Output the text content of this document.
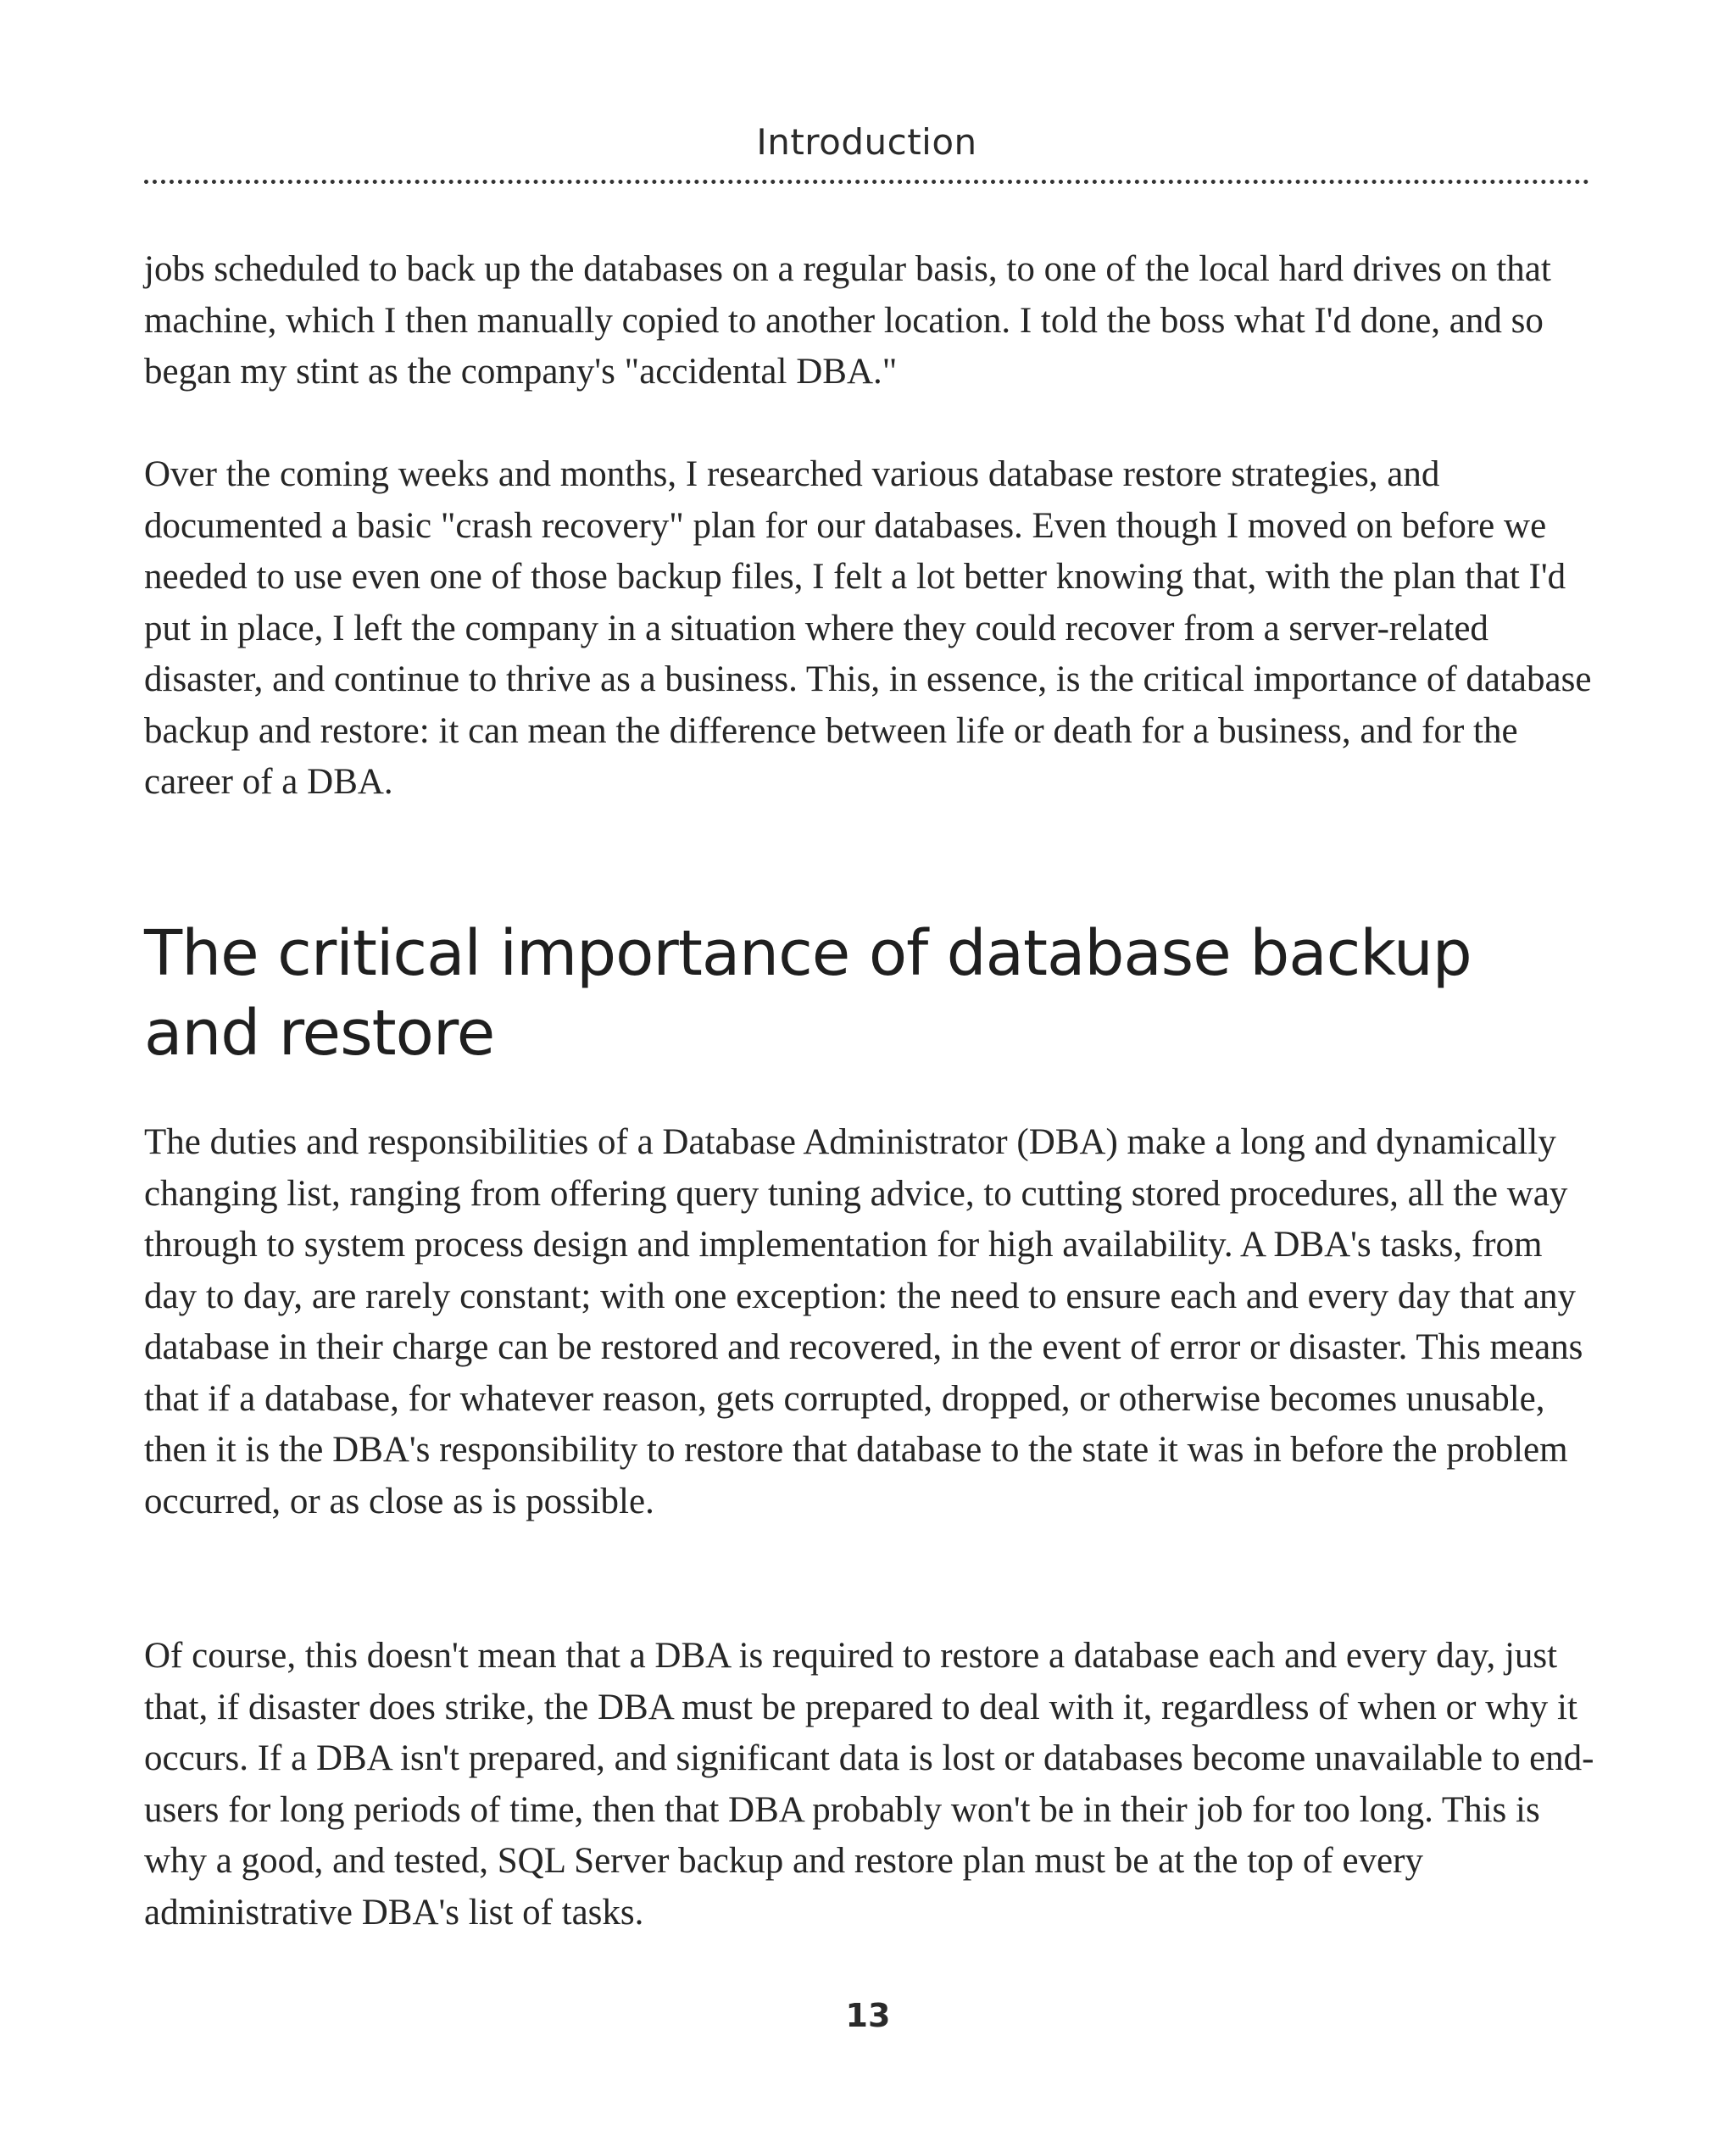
Introduction

jobs scheduled to back up the databases on a regular basis, to one of the local hard drives on that machine, which I then manually copied to another location. I told the boss what I'd done, and so began my stint as the company's "accidental DBA."

Over the coming weeks and months, I researched various database restore strategies, and documented a basic "crash recovery" plan for our databases. Even though I moved on before we needed to use even one of those backup files, I felt a lot better knowing that, with the plan that I'd put in place, I left the company in a situation where they could recover from a server-related disaster, and continue to thrive as a business. This, in essence, is the critical importance of database backup and restore: it can mean the difference between life or death for a business, and for the career of a DBA.

The critical importance of database backup and restore

The duties and responsibilities of a Database Administrator (DBA) make a long and dynamically changing list, ranging from offering query tuning advice, to cutting stored procedures, all the way through to system process design and implementation for high availability. A DBA's tasks, from day to day, are rarely constant; with one exception: the need to ensure each and every day that any database in their charge can be restored and recovered, in the event of error or disaster. This means that if a database, for whatever reason, gets corrupted, dropped, or otherwise becomes unusable, then it is the DBA's responsibility to restore that database to the state it was in before the problem occurred, or as close as is possible.

Of course, this doesn't mean that a DBA is required to restore a database each and every day, just that, if disaster does strike, the DBA must be prepared to deal with it, regardless of when or why it occurs. If a DBA isn't prepared, and significant data is lost or databases become unavailable to end-users for long periods of time, then that DBA probably won't be in their job for too long. This is why a good, and tested, SQL Server backup and restore plan must be at the top of every administrative DBA's list of tasks.

13
